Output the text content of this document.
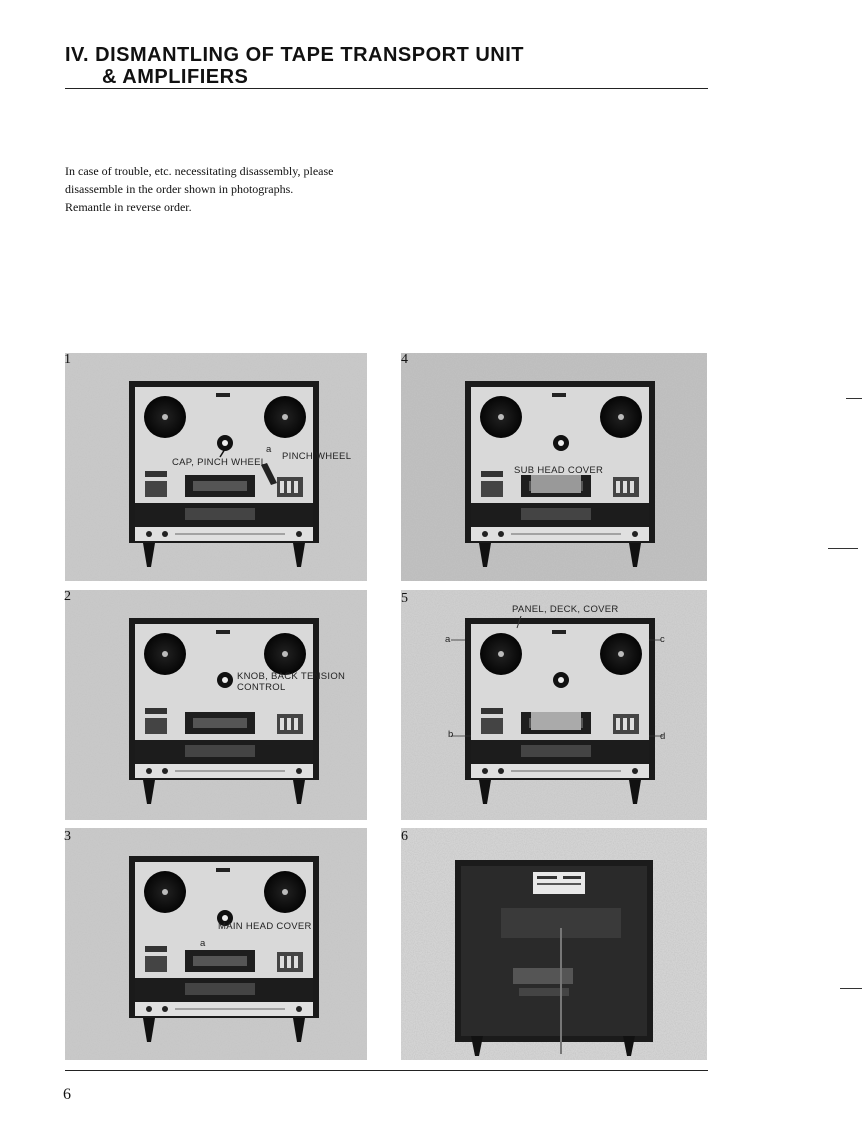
IV. DISMANTLING OF TAPE TRANSPORT UNIT
& AMPLIFIERS
In case of trouble, etc. necessitating disassembly, please
disassemble in the order shown in photographs.
Remantle in reverse order.
1
CAP, PINCH WHEEL
PINCH WHEEL
a
2
KNOB, BACK TENSION
CONTROL
3
MAIN HEAD COVER
a
4
SUB HEAD COVER
5
PANEL, DECK, COVER
a
b
c
d
6
6
